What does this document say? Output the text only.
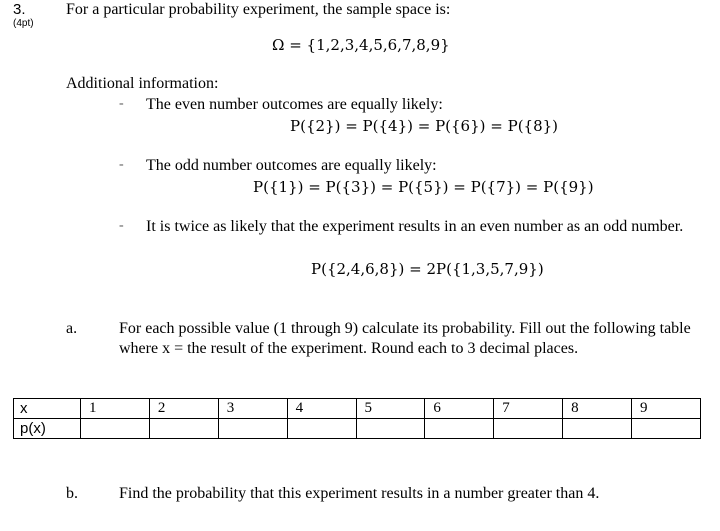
3.
(4pt)
For a particular probability experiment, the sample space is:
Ω = {1,2,3,4,5,6,7,8,9}
Additional information:
- The even number outcomes are equally likely:
P({2}) = P({4}) = P({6}) = P({8})
- The odd number outcomes are equally likely:
P({1}) = P({3}) = P({5}) = P({7}) = P({9})
- It is twice as likely that the experiment results in an even number as an odd number.
P({2,4,6,8}) = 2P({1,3,5,7,9})
a.	For each possible value (1 through 9) calculate its probability. Fill out the following table where x = the result of the experiment. Round each to 3 decimal places.
x	1	2	3	4	5	6	7	8	9
p(x)									
b.	Find the probability that this experiment results in a number greater than 4.
